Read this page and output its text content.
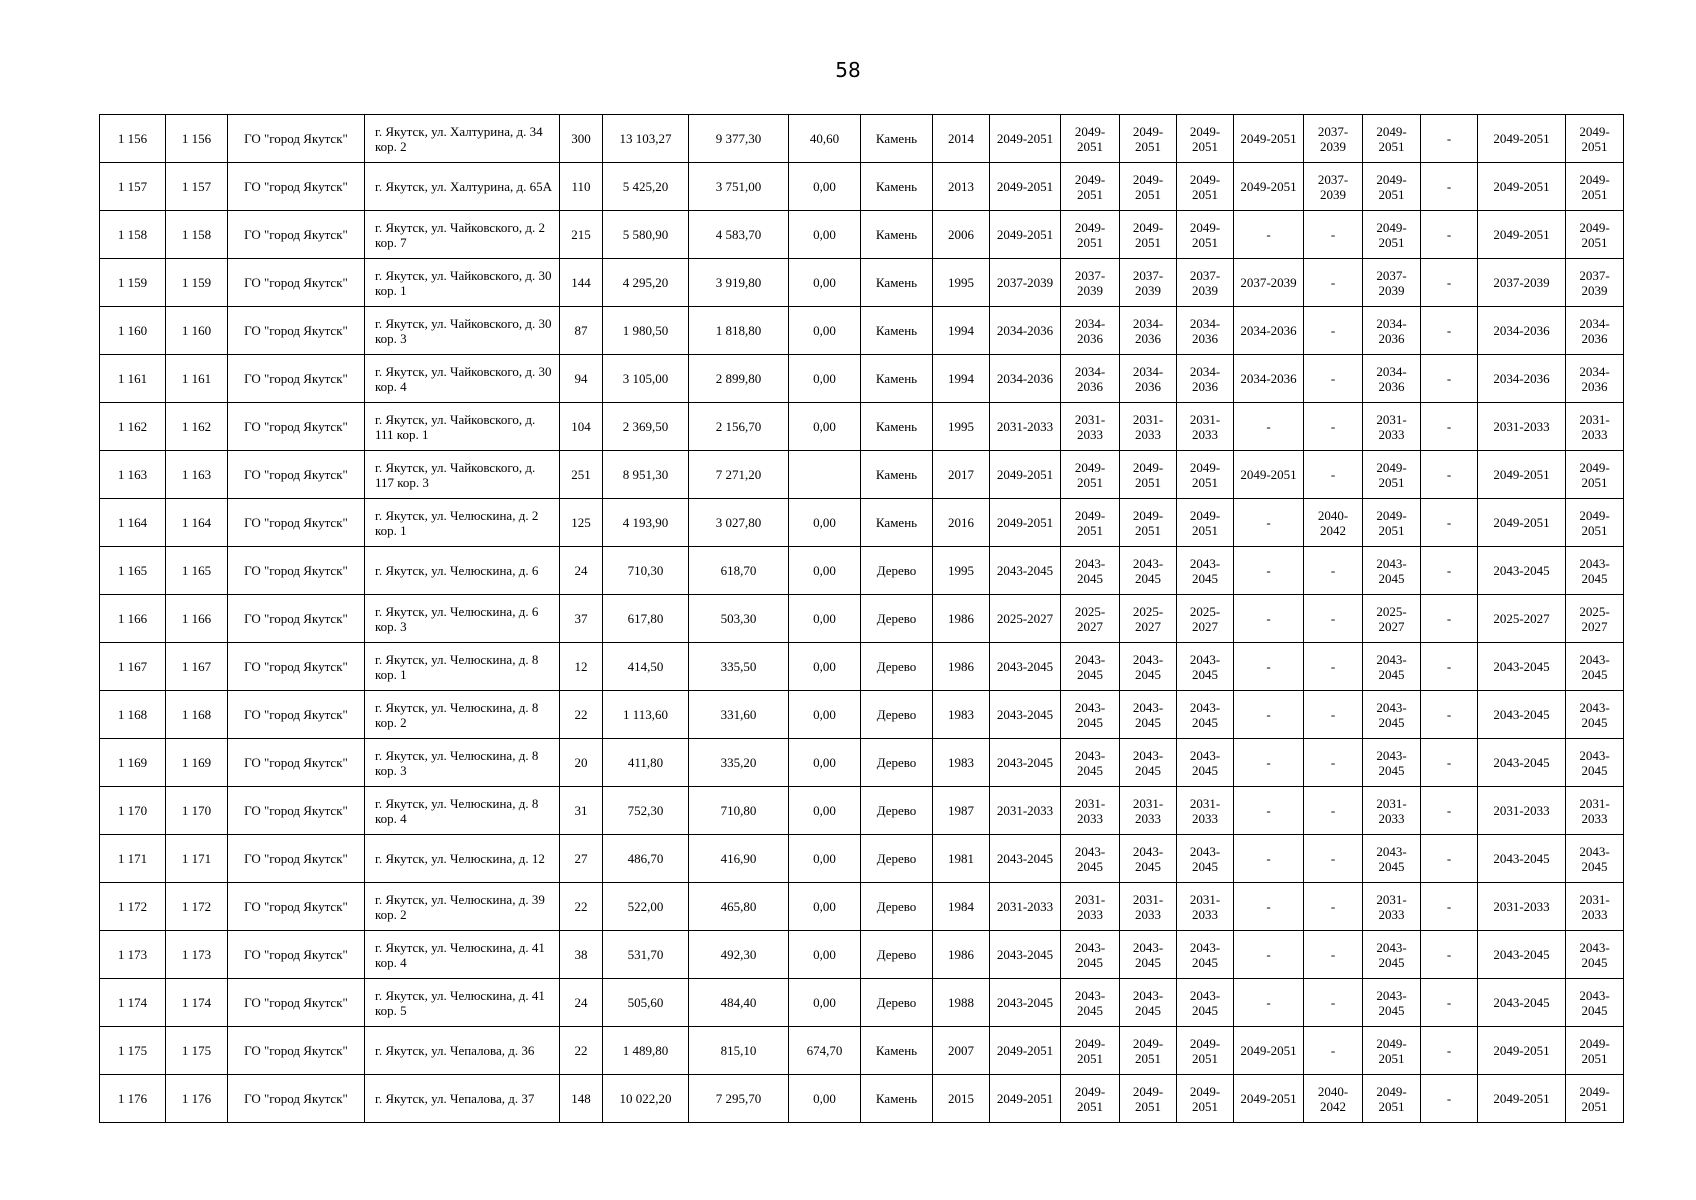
58
1 156	1 156	ГО "город Якутск"	г. Якутск, ул. Халтурина, д. 34 кор. 2	300	13 103,27	9 377,30	40,60	Камень	2014	2049-2051	2049-2051	2049-2051	2049-2051	2049-2051	2037-2039	2049-2051	-	2049-2051	2049-2051
1 157	1 157	ГО "город Якутск"	г. Якутск, ул. Халтурина, д. 65А	110	5 425,20	3 751,00	0,00	Камень	2013	2049-2051	2049-2051	2049-2051	2049-2051	2049-2051	2037-2039	2049-2051	-	2049-2051	2049-2051
1 158	1 158	ГО "город Якутск"	г. Якутск, ул. Чайковского, д. 2 кор. 7	215	5 580,90	4 583,70	0,00	Камень	2006	2049-2051	2049-2051	2049-2051	2049-2051	-	-	2049-2051	-	2049-2051	2049-2051
1 159	1 159	ГО "город Якутск"	г. Якутск, ул. Чайковского, д. 30 кор. 1	144	4 295,20	3 919,80	0,00	Камень	1995	2037-2039	2037-2039	2037-2039	2037-2039	2037-2039	-	2037-2039	-	2037-2039	2037-2039
1 160	1 160	ГО "город Якутск"	г. Якутск, ул. Чайковского, д. 30 кор. 3	87	1 980,50	1 818,80	0,00	Камень	1994	2034-2036	2034-2036	2034-2036	2034-2036	2034-2036	-	2034-2036	-	2034-2036	2034-2036
1 161	1 161	ГО "город Якутск"	г. Якутск, ул. Чайковского, д. 30 кор. 4	94	3 105,00	2 899,80	0,00	Камень	1994	2034-2036	2034-2036	2034-2036	2034-2036	2034-2036	-	2034-2036	-	2034-2036	2034-2036
1 162	1 162	ГО "город Якутск"	г. Якутск, ул. Чайковского, д. 111 кор. 1	104	2 369,50	2 156,70	0,00	Камень	1995	2031-2033	2031-2033	2031-2033	2031-2033	-	-	2031-2033	-	2031-2033	2031-2033
1 163	1 163	ГО "город Якутск"	г. Якутск, ул. Чайковского, д. 117 кор. 3	251	8 951,30	7 271,20		Камень	2017	2049-2051	2049-2051	2049-2051	2049-2051	2049-2051	-	2049-2051	-	2049-2051	2049-2051
1 164	1 164	ГО "город Якутск"	г. Якутск, ул. Челюскина, д. 2 кор. 1	125	4 193,90	3 027,80	0,00	Камень	2016	2049-2051	2049-2051	2049-2051	2049-2051	-	2040-2042	2049-2051	-	2049-2051	2049-2051
1 165	1 165	ГО "город Якутск"	г. Якутск, ул. Челюскина, д. 6	24	710,30	618,70	0,00	Дерево	1995	2043-2045	2043-2045	2043-2045	2043-2045	-	-	2043-2045	-	2043-2045	2043-2045
1 166	1 166	ГО "город Якутск"	г. Якутск, ул. Челюскина, д. 6 кор. 3	37	617,80	503,30	0,00	Дерево	1986	2025-2027	2025-2027	2025-2027	2025-2027	-	-	2025-2027	-	2025-2027	2025-2027
1 167	1 167	ГО "город Якутск"	г. Якутск, ул. Челюскина, д. 8 кор. 1	12	414,50	335,50	0,00	Дерево	1986	2043-2045	2043-2045	2043-2045	2043-2045	-	-	2043-2045	-	2043-2045	2043-2045
1 168	1 168	ГО "город Якутск"	г. Якутск, ул. Челюскина, д. 8 кор. 2	22	1 113,60	331,60	0,00	Дерево	1983	2043-2045	2043-2045	2043-2045	2043-2045	-	-	2043-2045	-	2043-2045	2043-2045
1 169	1 169	ГО "город Якутск"	г. Якутск, ул. Челюскина, д. 8 кор. 3	20	411,80	335,20	0,00	Дерево	1983	2043-2045	2043-2045	2043-2045	2043-2045	-	-	2043-2045	-	2043-2045	2043-2045
1 170	1 170	ГО "город Якутск"	г. Якутск, ул. Челюскина, д. 8 кор. 4	31	752,30	710,80	0,00	Дерево	1987	2031-2033	2031-2033	2031-2033	2031-2033	-	-	2031-2033	-	2031-2033	2031-2033
1 171	1 171	ГО "город Якутск"	г. Якутск, ул. Челюскина, д. 12	27	486,70	416,90	0,00	Дерево	1981	2043-2045	2043-2045	2043-2045	2043-2045	-	-	2043-2045	-	2043-2045	2043-2045
1 172	1 172	ГО "город Якутск"	г. Якутск, ул. Челюскина, д. 39 кор. 2	22	522,00	465,80	0,00	Дерево	1984	2031-2033	2031-2033	2031-2033	2031-2033	-	-	2031-2033	-	2031-2033	2031-2033
1 173	1 173	ГО "город Якутск"	г. Якутск, ул. Челюскина, д. 41 кор. 4	38	531,70	492,30	0,00	Дерево	1986	2043-2045	2043-2045	2043-2045	2043-2045	-	-	2043-2045	-	2043-2045	2043-2045
1 174	1 174	ГО "город Якутск"	г. Якутск, ул. Челюскина, д. 41 кор. 5	24	505,60	484,40	0,00	Дерево	1988	2043-2045	2043-2045	2043-2045	2043-2045	-	-	2043-2045	-	2043-2045	2043-2045
1 175	1 175	ГО "город Якутск"	г. Якутск, ул. Чепалова, д. 36	22	1 489,80	815,10	674,70	Камень	2007	2049-2051	2049-2051	2049-2051	2049-2051	2049-2051	-	2049-2051	-	2049-2051	2049-2051
1 176	1 176	ГО "город Якутск"	г. Якутск, ул. Чепалова, д. 37	148	10 022,20	7 295,70	0,00	Камень	2015	2049-2051	2049-2051	2049-2051	2049-2051	2049-2051	2040-2042	2049-2051	-	2049-2051	2049-2051
